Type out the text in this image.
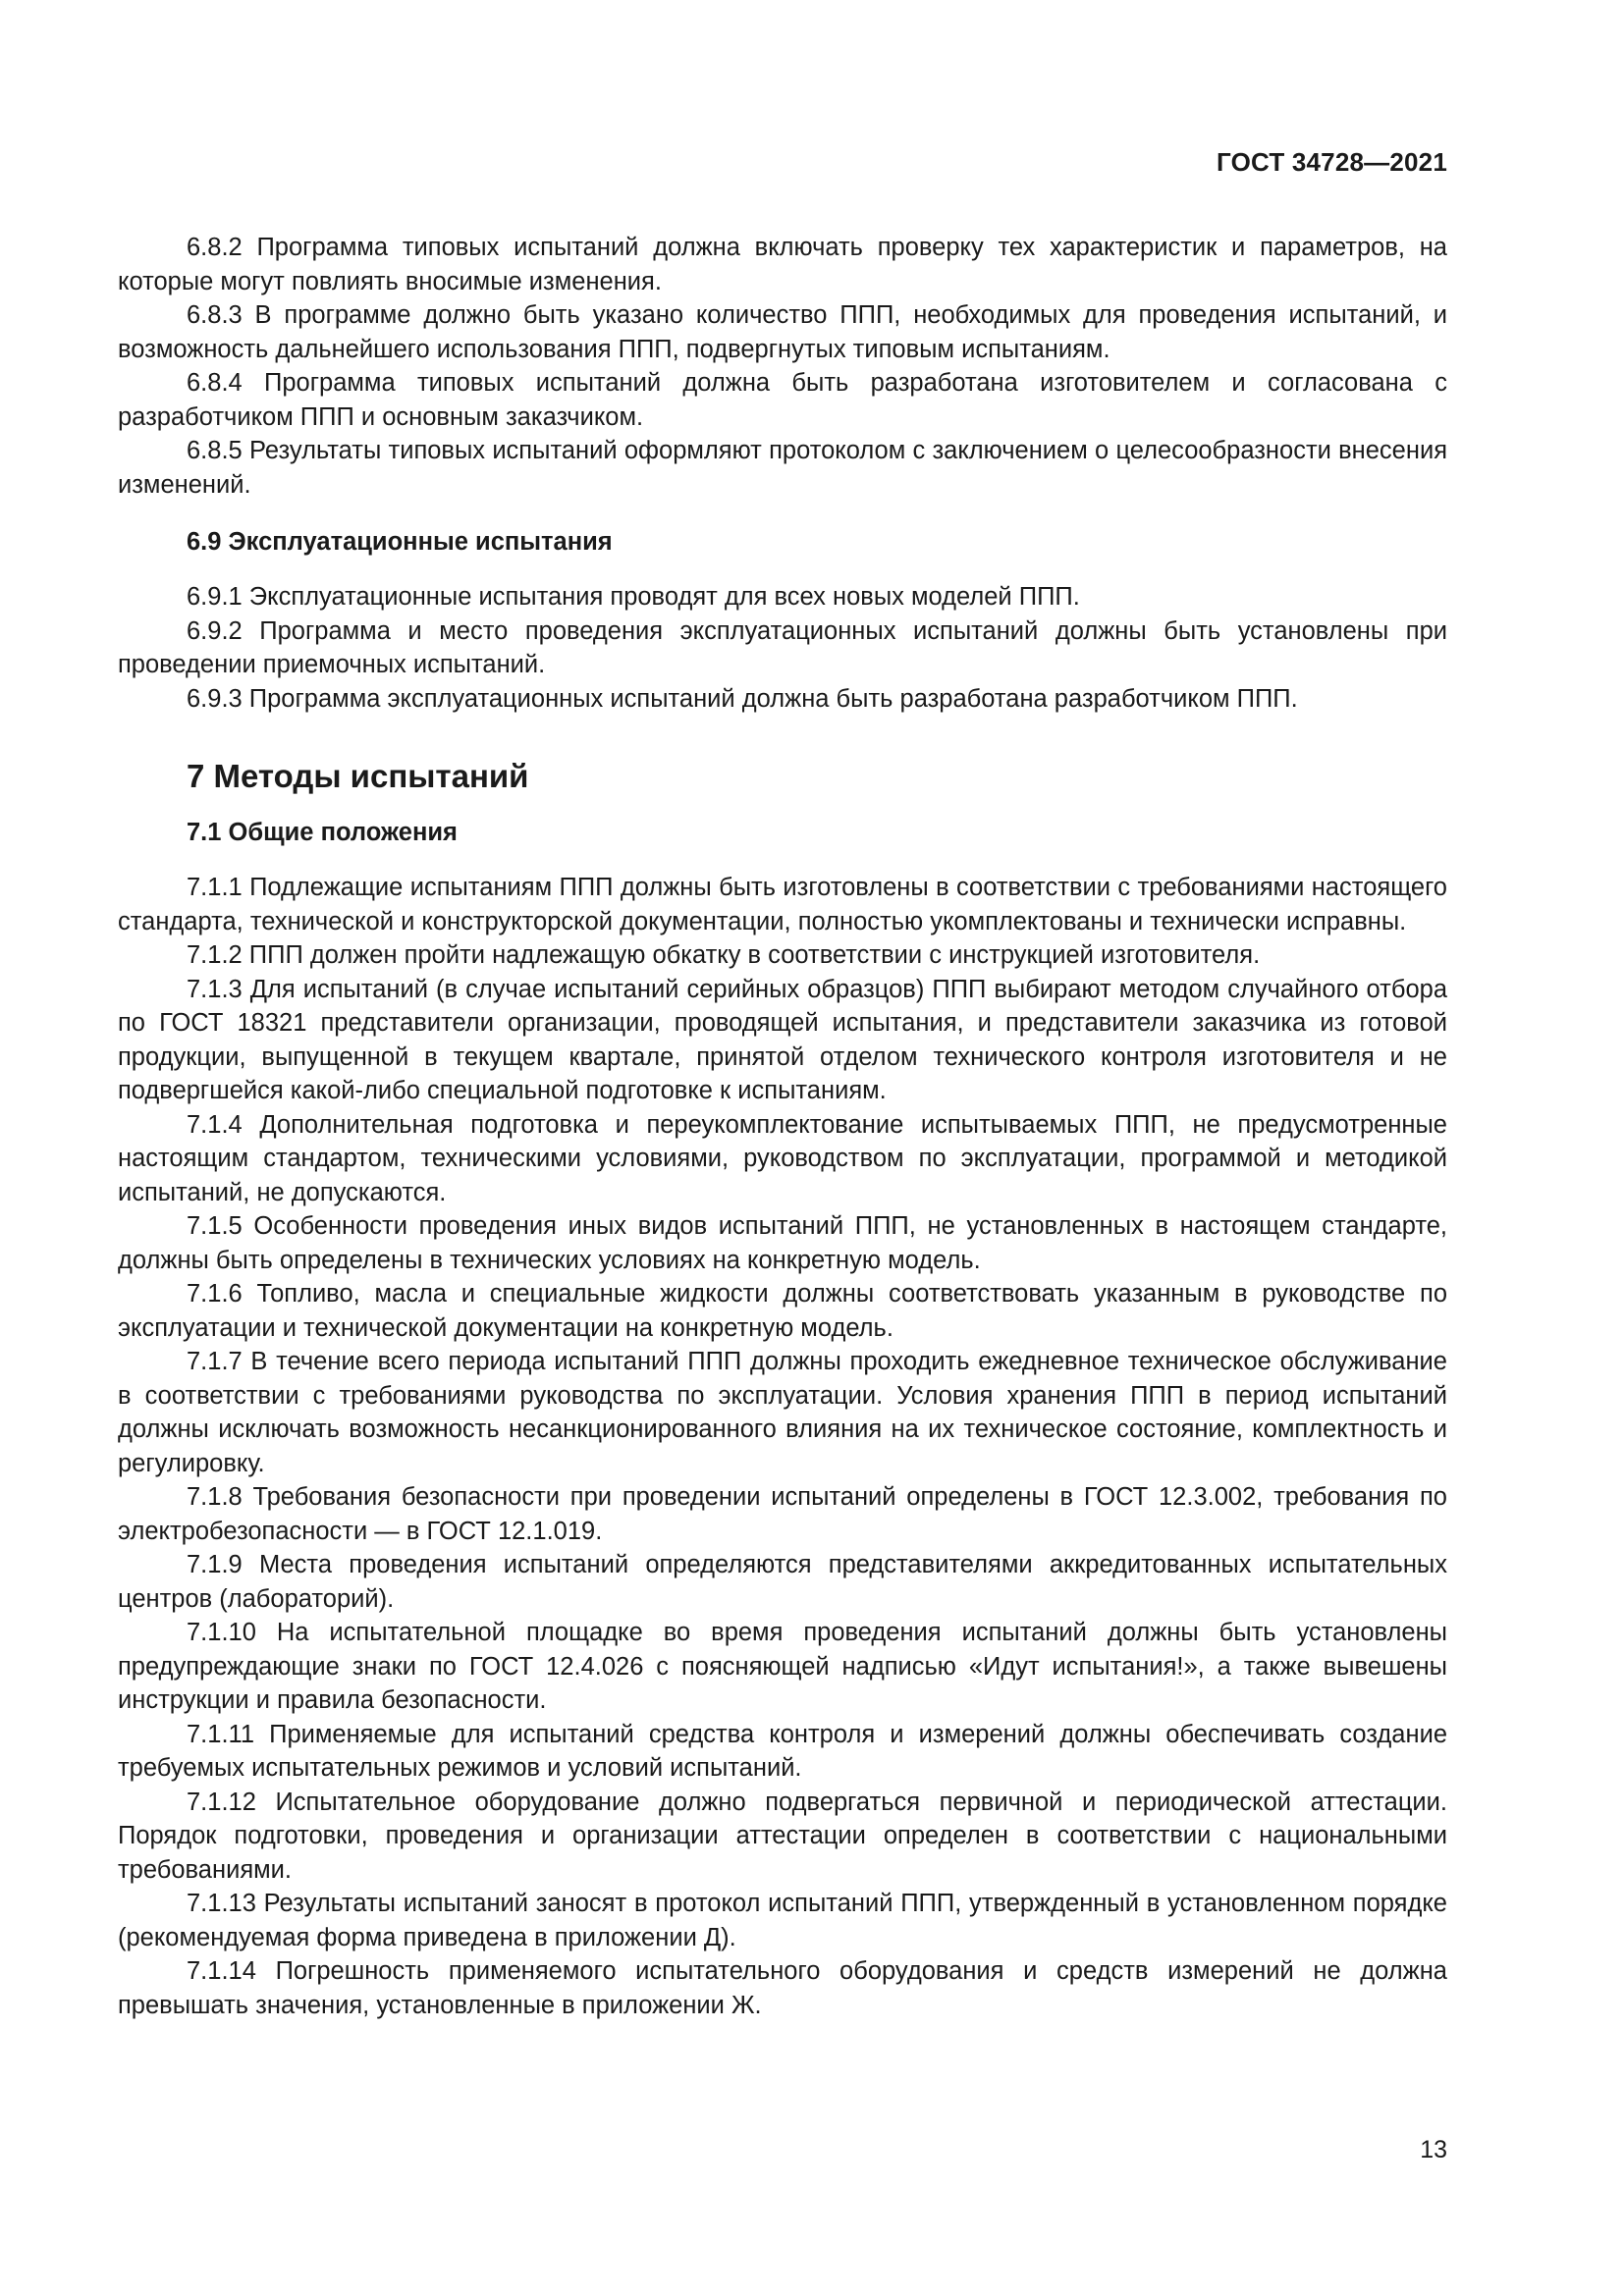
ГОСТ 34728—2021

6.8.2 Программа типовых испытаний должна включать проверку тех характеристик и параметров, на которые могут повлиять вносимые изменения.

6.8.3 В программе должно быть указано количество ППП, необходимых для проведения испытаний, и возможность дальнейшего использования ППП, подвергнутых типовым испытаниям.

6.8.4 Программа типовых испытаний должна быть разработана изготовителем и согласована с разработчиком ППП и основным заказчиком.

6.8.5 Результаты типовых испытаний оформляют протоколом с заключением о целесообразности внесения изменений.

6.9 Эксплуатационные испытания

6.9.1 Эксплуатационные испытания проводят для всех новых моделей ППП.

6.9.2 Программа и место проведения эксплуатационных испытаний должны быть установлены при проведении приемочных испытаний.

6.9.3 Программа эксплуатационных испытаний должна быть разработана разработчиком ППП.

7 Методы испытаний
7.1 Общие положения

7.1.1 Подлежащие испытаниям ППП должны быть изготовлены в соответствии с требованиями настоящего стандарта, технической и конструкторской документации, полностью укомплектованы и технически исправны.

7.1.2 ППП должен пройти надлежащую обкатку в соответствии с инструкцией изготовителя.

7.1.3 Для испытаний (в случае испытаний серийных образцов) ППП выбирают методом случайного отбора по ГОСТ 18321 представители организации, проводящей испытания, и представители заказчика из готовой продукции, выпущенной в текущем квартале, принятой отделом технического контроля изготовителя и не подвергшейся какой-либо специальной подготовке к испытаниям.

7.1.4 Дополнительная подготовка и переукомплектование испытываемых ППП, не предусмотренные настоящим стандартом, техническими условиями, руководством по эксплуатации, программой и методикой испытаний, не допускаются.

7.1.5 Особенности проведения иных видов испытаний ППП, не установленных в настоящем стандарте, должны быть определены в технических условиях на конкретную модель.

7.1.6 Топливо, масла и специальные жидкости должны соответствовать указанным в руководстве по эксплуатации и технической документации на конкретную модель.

7.1.7 В течение всего периода испытаний ППП должны проходить ежедневное техническое обслуживание в соответствии с требованиями руководства по эксплуатации. Условия хранения ППП в период испытаний должны исключать возможность несанкционированного влияния на их техническое состояние, комплектность и регулировку.

7.1.8 Требования безопасности при проведении испытаний определены в ГОСТ 12.3.002, требования по электробезопасности — в ГОСТ 12.1.019.

7.1.9 Места проведения испытаний определяются представителями аккредитованных испытательных центров (лабораторий).

7.1.10 На испытательной площадке во время проведения испытаний должны быть установлены предупреждающие знаки по ГОСТ 12.4.026 с поясняющей надписью «Идут испытания!», а также вывешены инструкции и правила безопасности.

7.1.11 Применяемые для испытаний средства контроля и измерений должны обеспечивать создание требуемых испытательных режимов и условий испытаний.

7.1.12 Испытательное оборудование должно подвергаться первичной и периодической аттестации. Порядок подготовки, проведения и организации аттестации определен в соответствии с национальными требованиями.

7.1.13 Результаты испытаний заносят в протокол испытаний ППП, утвержденный в установленном порядке (рекомендуемая форма приведена в приложении Д).

7.1.14 Погрешность применяемого испытательного оборудования и средств измерений не должна превышать значения, установленные в приложении Ж.

13
